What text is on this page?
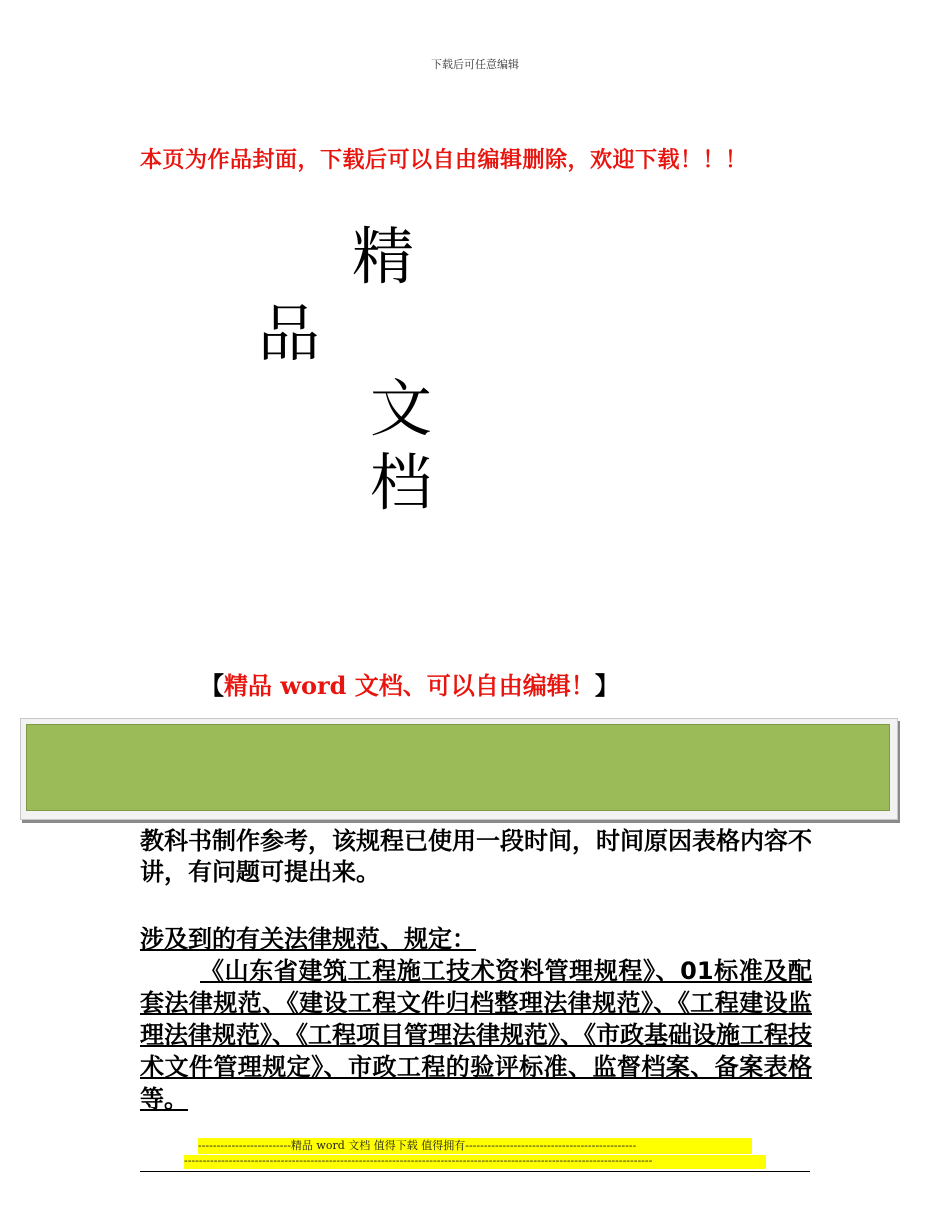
下载后可任意编辑
本页为作品封面，下载后可以自由编辑删除，欢迎下载！！！
精
品
文
档
【精品 word 文档、可以自由编辑！】
教科书制作参考，该规程已使用一段时间，时间原因表格内容不讲，有问题可提出来。
涉及到的有关法律规范、规定：
《山东省建筑工程施工技术资料管理规程》、01标准及配套法律规范、《建设工程文件归档整理法律规范》、《工程建设监理法律规范》、《工程项目管理法律规范》、《市政基础设施工程技术文件管理规定》、市政工程的验评标准、监督档案、备案表格等。
-------------------------精品 word 文档 值得下载 值得拥有----------------------------------------------
------------------------------------------------------------------------------------------------------------------------------
